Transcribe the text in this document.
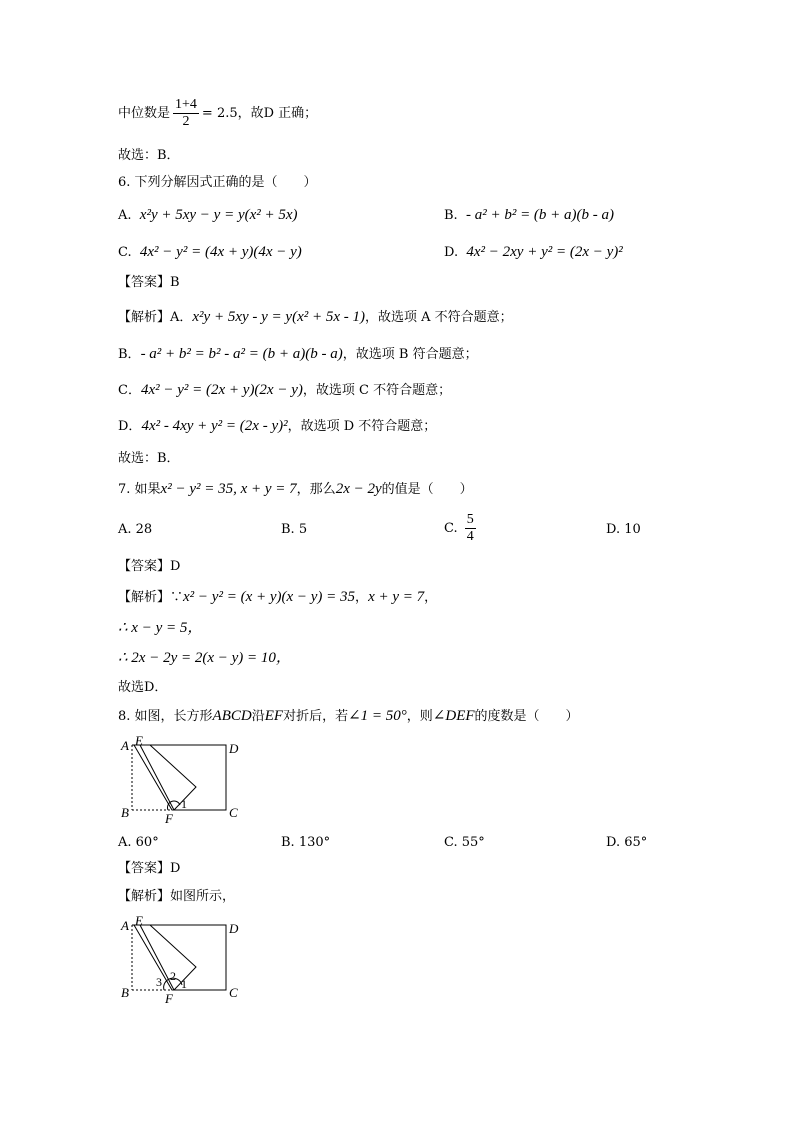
中位数是 $\frac{1+4}{2} = 2.5$，故D 正确；
故选：B．
6. 下列分解因式正确的是（　　）
A. x²y + 5xy − y = y(x² + 5x)	B. - a² + b² = (b + a)(b - a)
C. 4x² − y² = (4x + y)(4x − y)	D. 4x² − 2xy + y² = (2x − y)²
【答案】B
【解析】A．x²y + 5xy - y = y(x² + 5x - 1)，故选项 A 不符合题意；
B．- a² + b² = b² - a² = (b + a)(b - a)，故选项 B 符合题意；
C．4x² − y² = (2x + y)(2x − y)，故选项 C 不符合题意；
D．4x² - 4xy + y² = (2x - y)²，故选项 D 不符合题意；
故选：B．
7. 如果x² − y² = 35, x + y = 7，那么2x − 2y的值是（　　）
A. 28	B. 5	C. $\frac{5}{4}$	D. 10
【答案】D
【解析】∵x² − y² = (x + y)(x − y) = 35，x + y = 7，
∴ x − y = 5，
∴ 2x − 2y = 2(x − y) = 10，
故选D．
8. 如图，长方形ABCD沿EF对折后，若∠1 = 50°，则∠DEF的度数是（　　）
A E
D
B	F	C
1
A. 60°	B. 130°	C. 55°	D. 65°
【答案】D
【解析】如图所示，
A E
D
B	F	C
1
2
3
